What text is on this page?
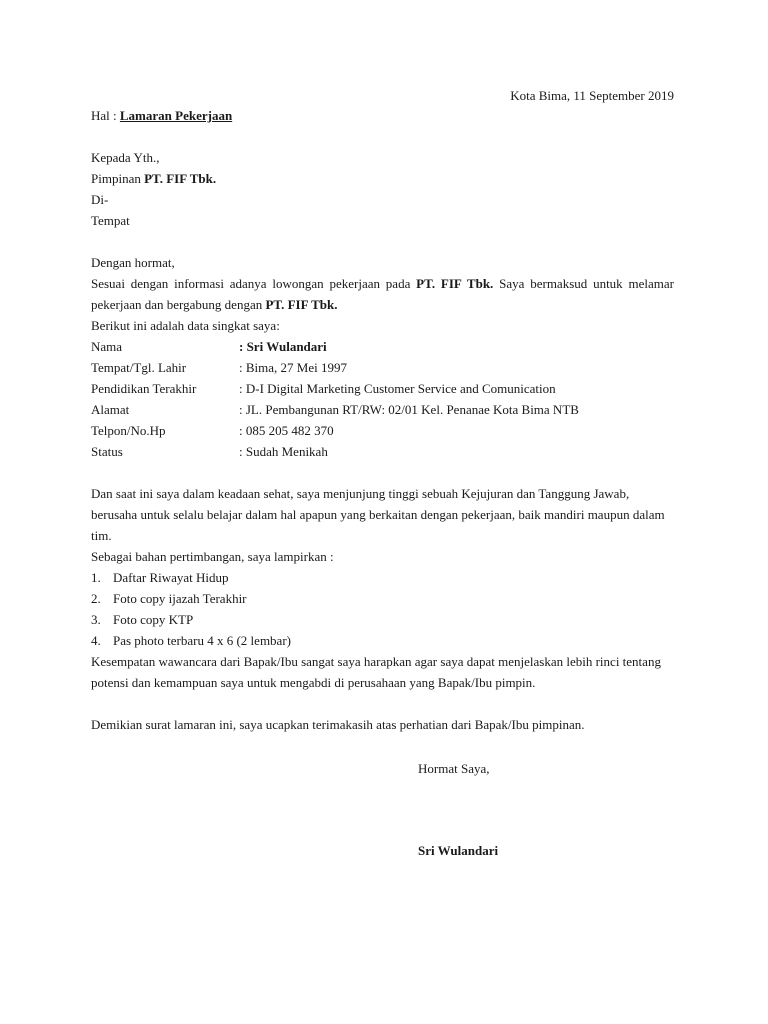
Kota Bima, 11 September 2019
Hal : Lamaran Pekerjaan
Kepada Yth.,
Pimpinan PT. FIF Tbk.
Di-
Tempat
Dengan hormat,
Sesuai dengan informasi adanya lowongan pekerjaan pada PT. FIF Tbk. Saya bermaksud untuk melamar
pekerjaan dan bergabung dengan PT. FIF Tbk.
Berikut ini adalah data singkat saya:
Nama	: Sri Wulandari
Tempat/Tgl. Lahir	: Bima, 27 Mei 1997
Pendidikan Terakhir	: D-I Digital Marketing Customer Service and Comunication
Alamat	: JL. Pembangunan RT/RW: 02/01 Kel. Penanae Kota Bima NTB
Telpon/No.Hp	: 085 205 482 370
Status	: Sudah Menikah
Dan saat ini saya dalam keadaan sehat, saya menjunjung tinggi sebuah Kejujuran dan Tanggung Jawab,
berusaha untuk selalu belajar dalam hal apapun yang berkaitan dengan pekerjaan, baik mandiri maupun dalam
tim.
Sebagai bahan pertimbangan, saya lampirkan :
1. Daftar Riwayat Hidup
2. Foto copy ijazah Terakhir
3. Foto copy KTP
4. Pas photo terbaru 4 x 6 (2 lembar)
Kesempatan wawancara dari Bapak/Ibu sangat saya harapkan agar saya dapat menjelaskan lebih rinci tentang
potensi dan kemampuan saya untuk mengabdi di perusahaan yang Bapak/Ibu pimpin.
Demikian surat lamaran ini, saya ucapkan terimakasih atas perhatian dari Bapak/Ibu pimpinan.
Hormat Saya,
Sri Wulandari
